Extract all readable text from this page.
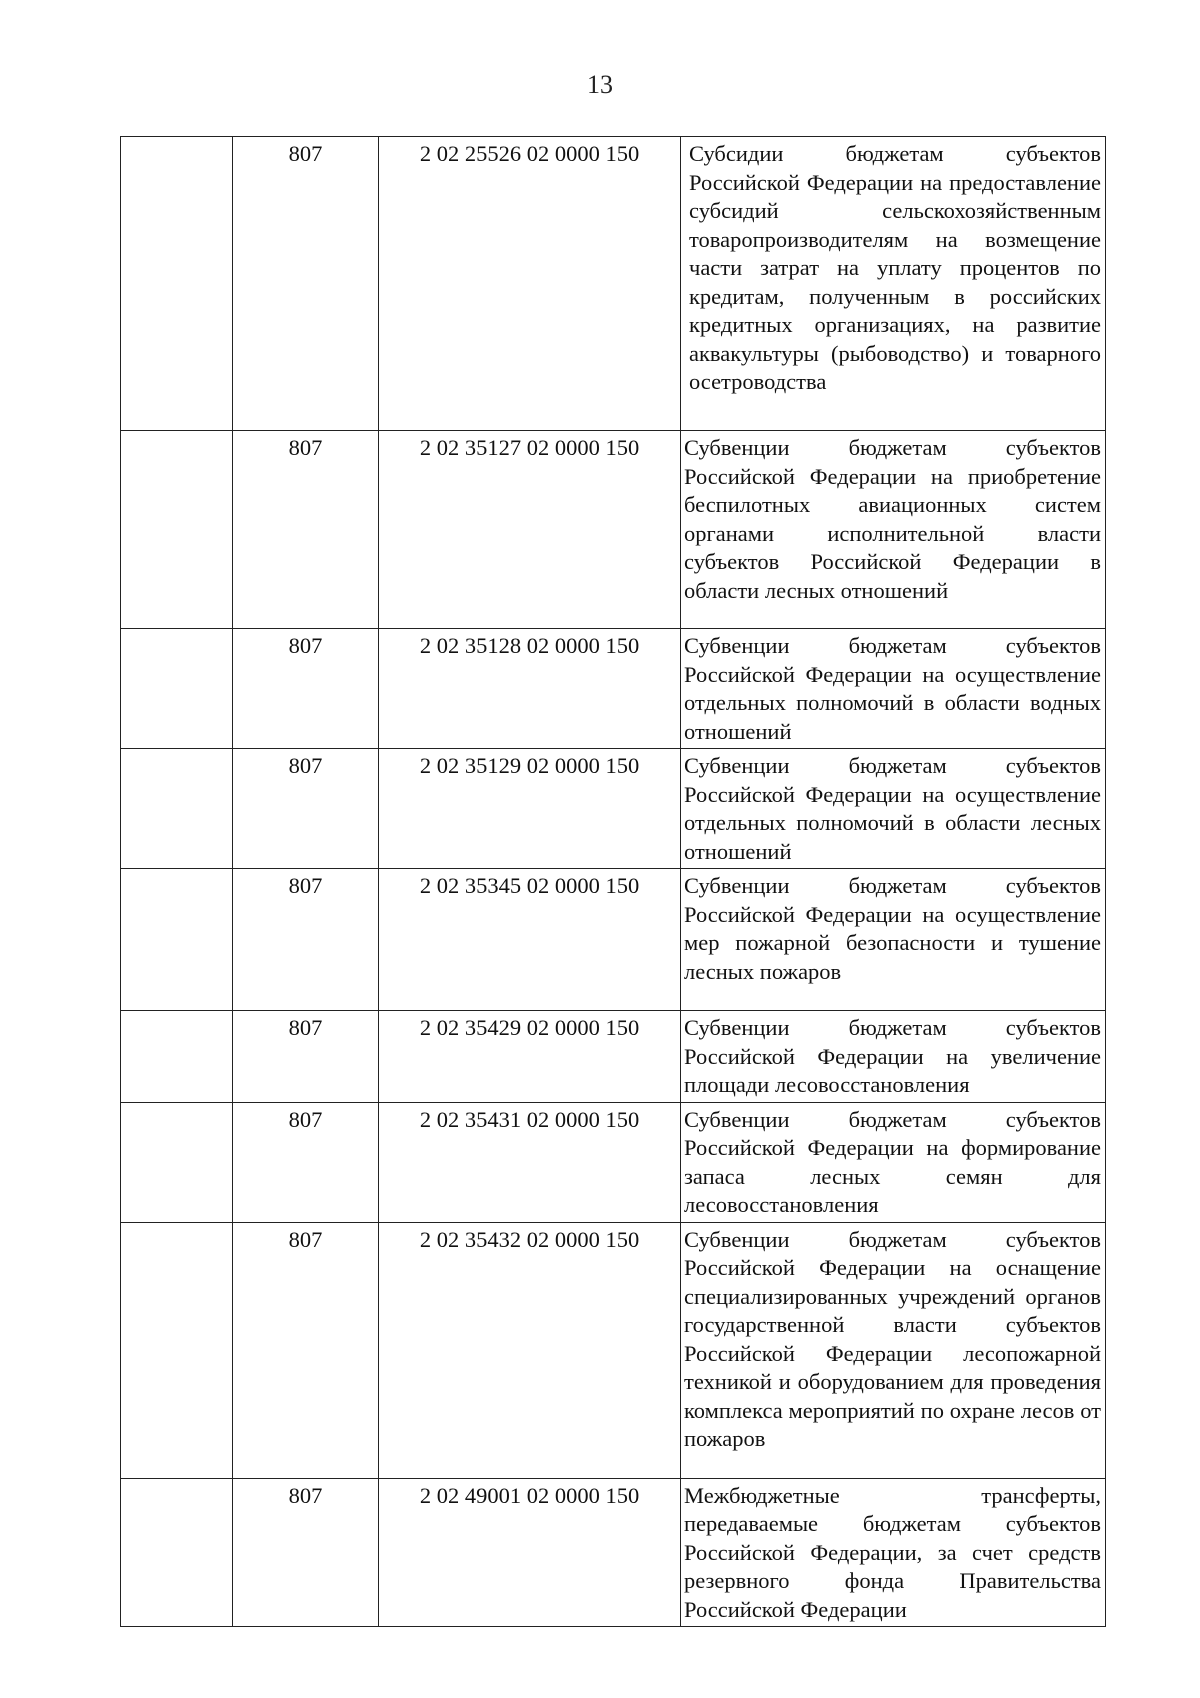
13
	807	2 02 25526 02 0000 150	Субсидии бюджетам субъектов Российской Федерации на предоставление субсидий сельскохозяйственным товаропроизводителям на возмещение части затрат на уплату процентов по кредитам, полученным в российских кредитных организациях, на развитие аквакультуры (рыбоводство) и товарного осетроводства
	807	2 02 35127 02 0000 150	Субвенции бюджетам субъектов Российской Федерации на приобретение беспилотных авиационных систем органами исполнительной власти субъектов Российской Федерации в области лесных отношений
	807	2 02 35128 02 0000 150	Субвенции бюджетам субъектов Российской Федерации на осуществление отдельных полномочий в области водных отношений
	807	2 02 35129 02 0000 150	Субвенции бюджетам субъектов Российской Федерации на осуществление отдельных полномочий в области лесных отношений
	807	2 02 35345 02 0000 150	Субвенции бюджетам субъектов Российской Федерации на осуществление мер пожарной безопасности и тушение лесных пожаров
	807	2 02 35429 02 0000 150	Субвенции бюджетам субъектов Российской Федерации на увеличение площади лесовосстановления
	807	2 02 35431 02 0000 150	Субвенции бюджетам субъектов Российской Федерации на формирование запаса лесных семян для лесовосстановления
	807	2 02 35432 02 0000 150	Субвенции бюджетам субъектов Российской Федерации на оснащение специализированных учреждений органов государственной власти субъектов Российской Федерации лесопожарной техникой и оборудованием для проведения комплекса мероприятий по охране лесов от пожаров
	807	2 02 49001 02 0000 150	Межбюджетные трансферты, передаваемые бюджетам субъектов Российской Федерации, за счет средств резервного фонда Правительства Российской Федерации
